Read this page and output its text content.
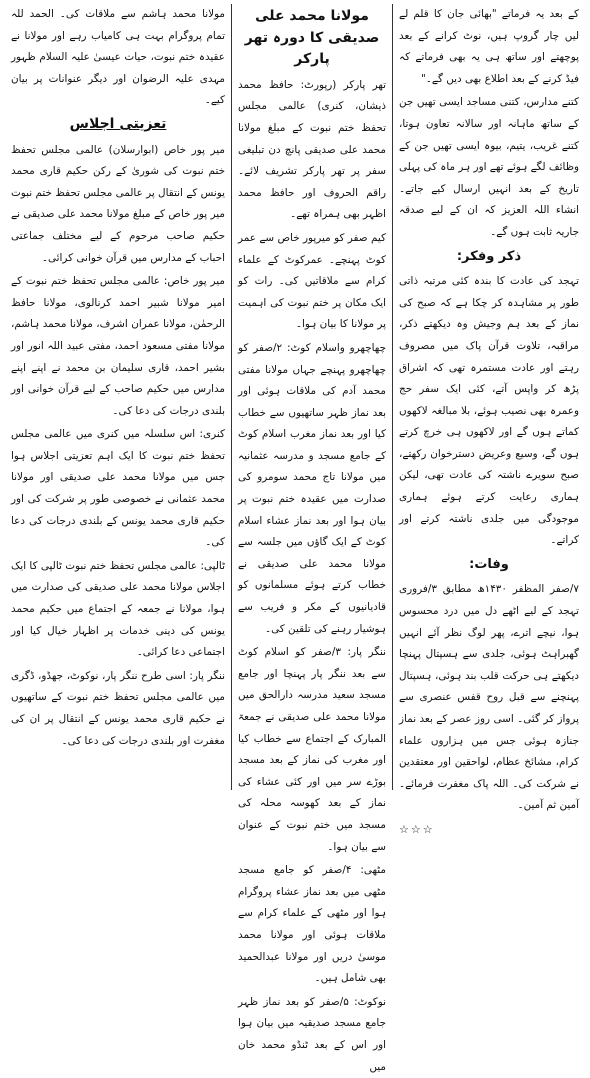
کے بعد یہ فرماتے "بھائی جان کا قلم لے لیں چار گروپ ہیں، نوٹ کرانے کے بعد پوچھتے اور ساتھ ہی یہ بھی فرماتے کہ فیڈ کرنے کے بعد اطلاع بھی دیں گے۔"

کتنے مدارس، کتنی مساجد ایسی تھیں جن کے ساتھ ماہانہ اور سالانہ تعاون ہوتا، کتنے غریب، یتیم، بیوہ ایسی تھیں جن کے وظائف لگے ہوئے تھے اور ہر ماہ کی پہلی تاریخ کے بعد انہیں ارسال کیے جاتے۔ انشاء اللہ العزیز کہ ان کے لیے صدقہ جاریہ ثابت ہوں گے۔

ذکر وفکر:

تہجد کی عادت کا بندہ کئی مرتبہ ذاتی طور پر مشاہدہ کر چکا ہے کہ صبح کی نماز کے بعد ہم وجیش وہ دیکھتے ذکر، مراقبہ، تلاوت قرآن پاک میں مصروف رہتے اور عادت مستمرہ تھی کہ اشراق پڑھ کر واپس آتے، کئی ایک سفر حج وعمرہ بھی نصیب ہوئے، بلا مبالغہ لاکھوں کماتے ہوں گے اور لاکھوں ہی خرچ کرتے ہوں گے، وسیع وعریض دسترخوان رکھتے، صبح سویرے ناشتہ کی عادت تھی، لیکن ہماری رعایت کرتے ہوئے ہماری موجودگی میں جلدی ناشتہ کرتے اور کراتے۔

وفات:

۷/صفر المظفر ۱۴۳۰ھ مطابق ۳/فروری تہجد کے لیے اٹھے دل میں درد محسوس ہوا، نیچے اترے، پھر لوگ نظر آئے انہیں گھبراہٹ ہوئی، جلدی سے ہسپتال پہنچا دیکھتے ہی حرکت قلب بند ہوئی، ہسپتال پہنچنے سے قبل روح قفس عنصری سے پرواز کر گئی۔ اسی روز عصر کے بعد نماز جنازہ ہوئی جس میں ہزاروں علماء کرام، مشائخ عظام، لواحقین اور معتقدین نے شرکت کی۔ اللہ پاک مغفرت فرمائے۔ آمین ثم آمین۔

☆☆☆
مولانا محمد علی صدیقی کا دورہ تھر پارکر

تھر پارکر (رپورٹ: حافظ محمد ذیشان، کنری) عالمی مجلس تحفظ ختم نبوت کے مبلغ مولانا محمد علی صدیقی پانچ دن تبلیغی سفر پر تھر پارکر تشریف لائے۔ راقم الحروف اور حافظ محمد اظہر بھی ہمراہ تھے۔

کیم صفر کو میرپور خاص سے عمر کوٹ پہنچے۔ عمرکوٹ کے علماء کرام سے ملاقاتیں کی۔ رات کو ایک مکان پر ختم نبوت کی اہمیت پر مولانا کا بیان ہوا۔

چھاچھرو واسلام کوٹ: ۲/صفر کو چھاچھرو پہنچے جہاں مولانا مفتی محمد آدم کی ملاقات ہوئی اور بعد نماز ظہر ساتھیوں سے خطاب کیا اور بعد نماز مغرب اسلام کوٹ کے جامع مسجد و مدرسہ عثمانیہ میں مولانا تاج محمد سومرو کی صدارت میں عقیدہ ختم نبوت پر بیان ہوا اور بعد نماز عشاء اسلام کوٹ کے ایک گاؤں میں جلسہ سے مولانا محمد علی صدیقی نے خطاب کرتے ہوئے مسلمانوں کو قادیانیوں کے مکر و فریب سے ہوشیار رہنے کی تلقین کی۔

ننگر پار: ۳/صفر کو اسلام کوٹ سے بعد ننگر پار پہنچا اور جامع مسجد سعید مدرسہ دارالحق میں مولانا محمد علی صدیقی نے جمعۃ المبارک کے اجتماع سے خطاب کیا اور مغرب کی نماز کے بعد مسجد بوڑے سر میں اور کئی عشاء کی نماز کے بعد کھوسہ محلہ کی مسجد میں ختم نبوت کے عنوان سے بیان ہوا۔

مٹھی: ۴/صفر کو جامع مسجد مٹھی میں بعد نماز عشاء پروگرام ہوا اور مٹھی کے علماء کرام سے ملاقات ہوئی اور مولانا محمد موسیٰ دریں اور مولانا عبدالحمید بھی شامل ہیں۔

نوکوٹ: ۵/صفر کو بعد نماز ظہر جامع مسجد صدیقیہ میں بیان ہوا اور اس کے بعد ٹنڈو محمد خان میں

مولانا محمد ہاشم سے ملاقات کی۔ الحمد للہ تمام پروگرام بہت ہی کامیاب رہے اور مولانا نے عقیدہ ختم نبوت، حیات عیسیٰ علیہ السلام ظہور مہدی علیہ الرضوان اور دیگر عنوانات پر بیان کیے۔

تعزیتی اجلاس

میر پور خاص (ابوارسلان) عالمی مجلس تحفظ ختم نبوت کی شوریٰ کے رکن حکیم قاری محمد یونس کے انتقال پر عالمی مجلس تحفظ ختم نبوت میر پور خاص کے مبلغ مولانا محمد علی صدیقی نے حکیم صاحب مرحوم کے لیے مختلف جماعتی احباب کے مدارس میں قرآن خوانی کرائی۔

میر پور خاص: عالمی مجلس تحفظ ختم نبوت کے امیر مولانا شبیر احمد کرنالوی، مولانا حافظ الرحمٰن، مولانا عمران اشرف، مولانا محمد ہاشم، مولانا مفتی مسعود احمد، مفتی عبید اللہ انور اور بشیر احمد، قاری سلیمان بن محمد نے اپنے اپنے مدارس میں حکیم صاحب کے لیے قرآن خوانی اور بلندی درجات کی دعا کی۔

کنری: اس سلسلہ میں کنری میں عالمی مجلس تحفظ ختم نبوت کا ایک اہم تعزیتی اجلاس ہوا جس میں مولانا محمد علی صدیقی اور مولانا محمد عثمانی نے خصوصی طور پر شرکت کی اور حکیم قاری محمد یونس کے بلندی درجات کی دعا کی۔

ٹالپی: عالمی مجلس تحفظ ختم نبوت ٹالپی کا ایک اجلاس مولانا محمد علی صدیقی کی صدارت میں ہوا، مولانا نے جمعہ کے اجتماع میں حکیم محمد یونس کی دینی خدمات پر اظہار خیال کیا اور اجتماعی دعا کرائی۔

ننگر پار: اسی طرح ننگر پار، نوکوٹ، جھڈو، ڈگری میں عالمی مجلس تحفظ ختم نبوت کے ساتھیوں نے حکیم قاری محمد یونس کے انتقال پر ان کی مغفرت اور بلندی درجات کی دعا کی۔
